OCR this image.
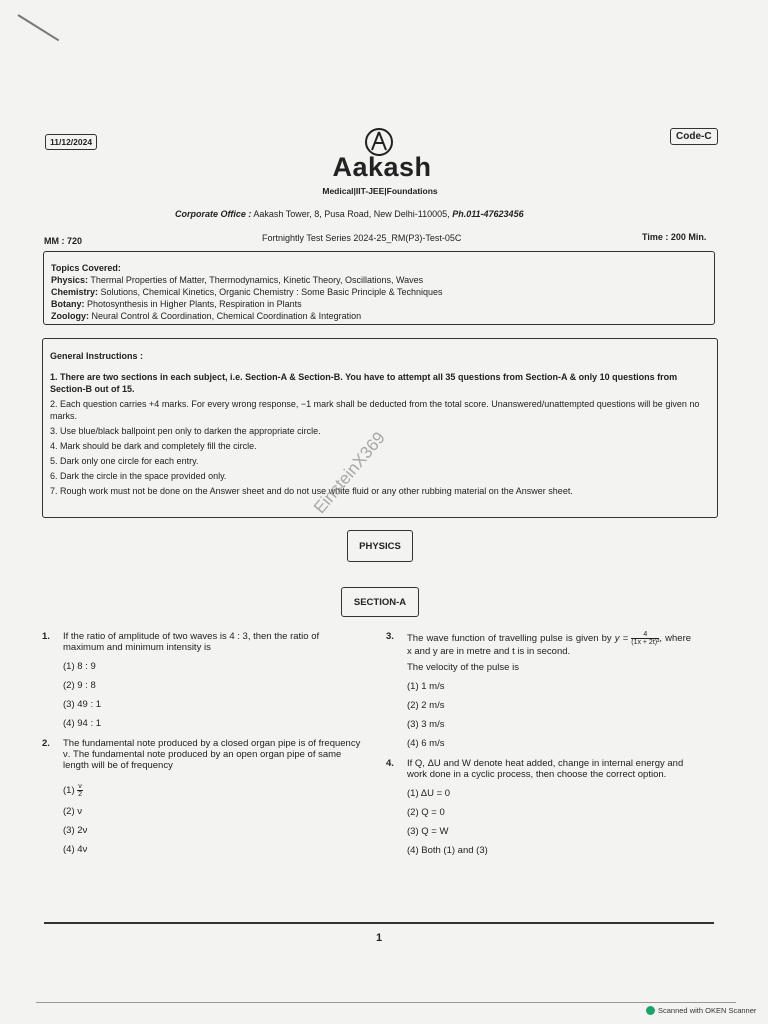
11/12/2024	Code-C
Aakash
Medical|IIT-JEE|Foundations
Corporate Office : Aakash Tower, 8, Pusa Road, New Delhi-110005, Ph.011-47623456
MM : 720	Fortnightly Test Series 2024-25_RM(P3)-Test-05C	Time : 200 Min.
Topics Covered:
Physics: Thermal Properties of Matter, Thermodynamics, Kinetic Theory, Oscillations, Waves
Chemistry: Solutions, Chemical Kinetics, Organic Chemistry : Some Basic Principle & Techniques
Botany: Photosynthesis in Higher Plants, Respiration in Plants
Zoology: Neural Control & Coordination, Chemical Coordination & Integration
General Instructions :
1. There are two sections in each subject, i.e. Section-A & Section-B. You have to attempt all 35 questions from Section-A & only 10 questions from Section-B out of 15.
2. Each question carries +4 marks. For every wrong response, −1 mark shall be deducted from the total score. Unanswered/unattempted questions will be given no marks.
3. Use blue/black ballpoint pen only to darken the appropriate circle.
4. Mark should be dark and completely fill the circle.
5. Dark only one circle for each entry.
6. Dark the circle in the space provided only.
7. Rough work must not be done on the Answer sheet and do not use white fluid or any other rubbing material on the Answer sheet.
EinsteinX369
PHYSICS
SECTION-A
1. If the ratio of amplitude of two waves is 4 : 3, then the ratio of maximum and minimum intensity is
(1) 8 : 9
(2) 9 : 8
(3) 49 : 1
(4) 94 : 1
2. The fundamental note produced by a closed organ pipe is of frequency ν. The fundamental note produced by an open organ pipe of same length will be of frequency
$(1) \frac{\nu}{2}$
(2) ν
(3) 2ν
(4) 4ν
3. The wave function of travelling pulse is given by $y = \frac{4}{\text{(1x + 2t)²}}$ , where x and y are in metre and t is in second.
The velocity of the pulse is
(1) 1 m/s
(2) 2 m/s
(3) 3 m/s
(4) 6 m/s
4. If Q, ΔU and W denote heat added, change in internal energy and work done in a cyclic process, then choose the correct option.
(1) ΔU = 0
(2) Q = 0
(3) Q = W
(4) Both (1) and (3)
1
Scanned with OKEN Scanner
